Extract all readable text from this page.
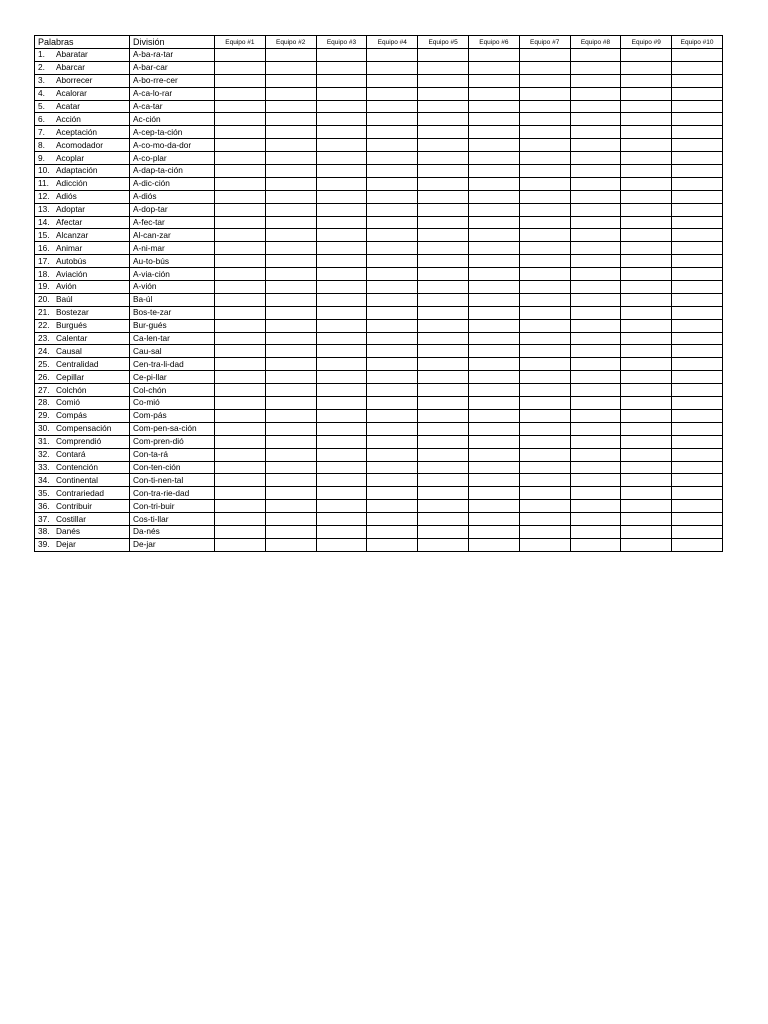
Palabras	División	Equipo #1	Equipo #2	Equipo #3	Equipo #4	Equipo #5	Equipo #6	Equipo #7	Equipo #8	Equipo #9	Equipo #10
1. Abaratar	A-ba-ra-tar										
2. Abarcar	A-bar-car										
3. Aborrecer	A-bo-rre-cer										
4. Acalorar	A-ca-lo-rar										
5. Acatar	A-ca-tar										
6. Acción	Ac-ción										
7. Aceptación	A-cep-ta-ción										
8. Acomodador	A-co-mo-da-dor										
9. Acoplar	A-co-plar										
10. Adaptación	A-dap-ta-ción										
11. Adicción	A-dic-ción										
12. Adiós	A-diós										
13. Adoptar	A-dop-tar										
14. Afectar	A-fec-tar										
15. Alcanzar	Al-can-zar										
16. Animar	A-ni-mar										
17. Autobús	Au-to-bús										
18. Aviación	A-via-ción										
19. Avión	A-vión										
20. Baúl	Ba-úl										
21. Bostezar	Bos-te-zar										
22. Burgués	Bur-gués										
23. Calentar	Ca-len-tar										
24. Causal	Cau-sal										
25. Centralidad	Cen-tra-li-dad										
26. Cepillar	Ce-pi-llar										
27. Colchón	Col-chón										
28. Comió	Co-mió										
29. Compás	Com-pás										
30. Compensación	Com-pen-sa-ción										
31. Comprendió	Com-pren-dió										
32. Contará	Con-ta-rá										
33. Contención	Con-ten-ción										
34. Continental	Con-ti-nen-tal										
35. Contrariedad	Con-tra-rie-dad										
36. Contribuir	Con-tri-buir										
37. Costillar	Cos-ti-llar										
38. Danés	Da-nés										
39. Dejar	De-jar										
